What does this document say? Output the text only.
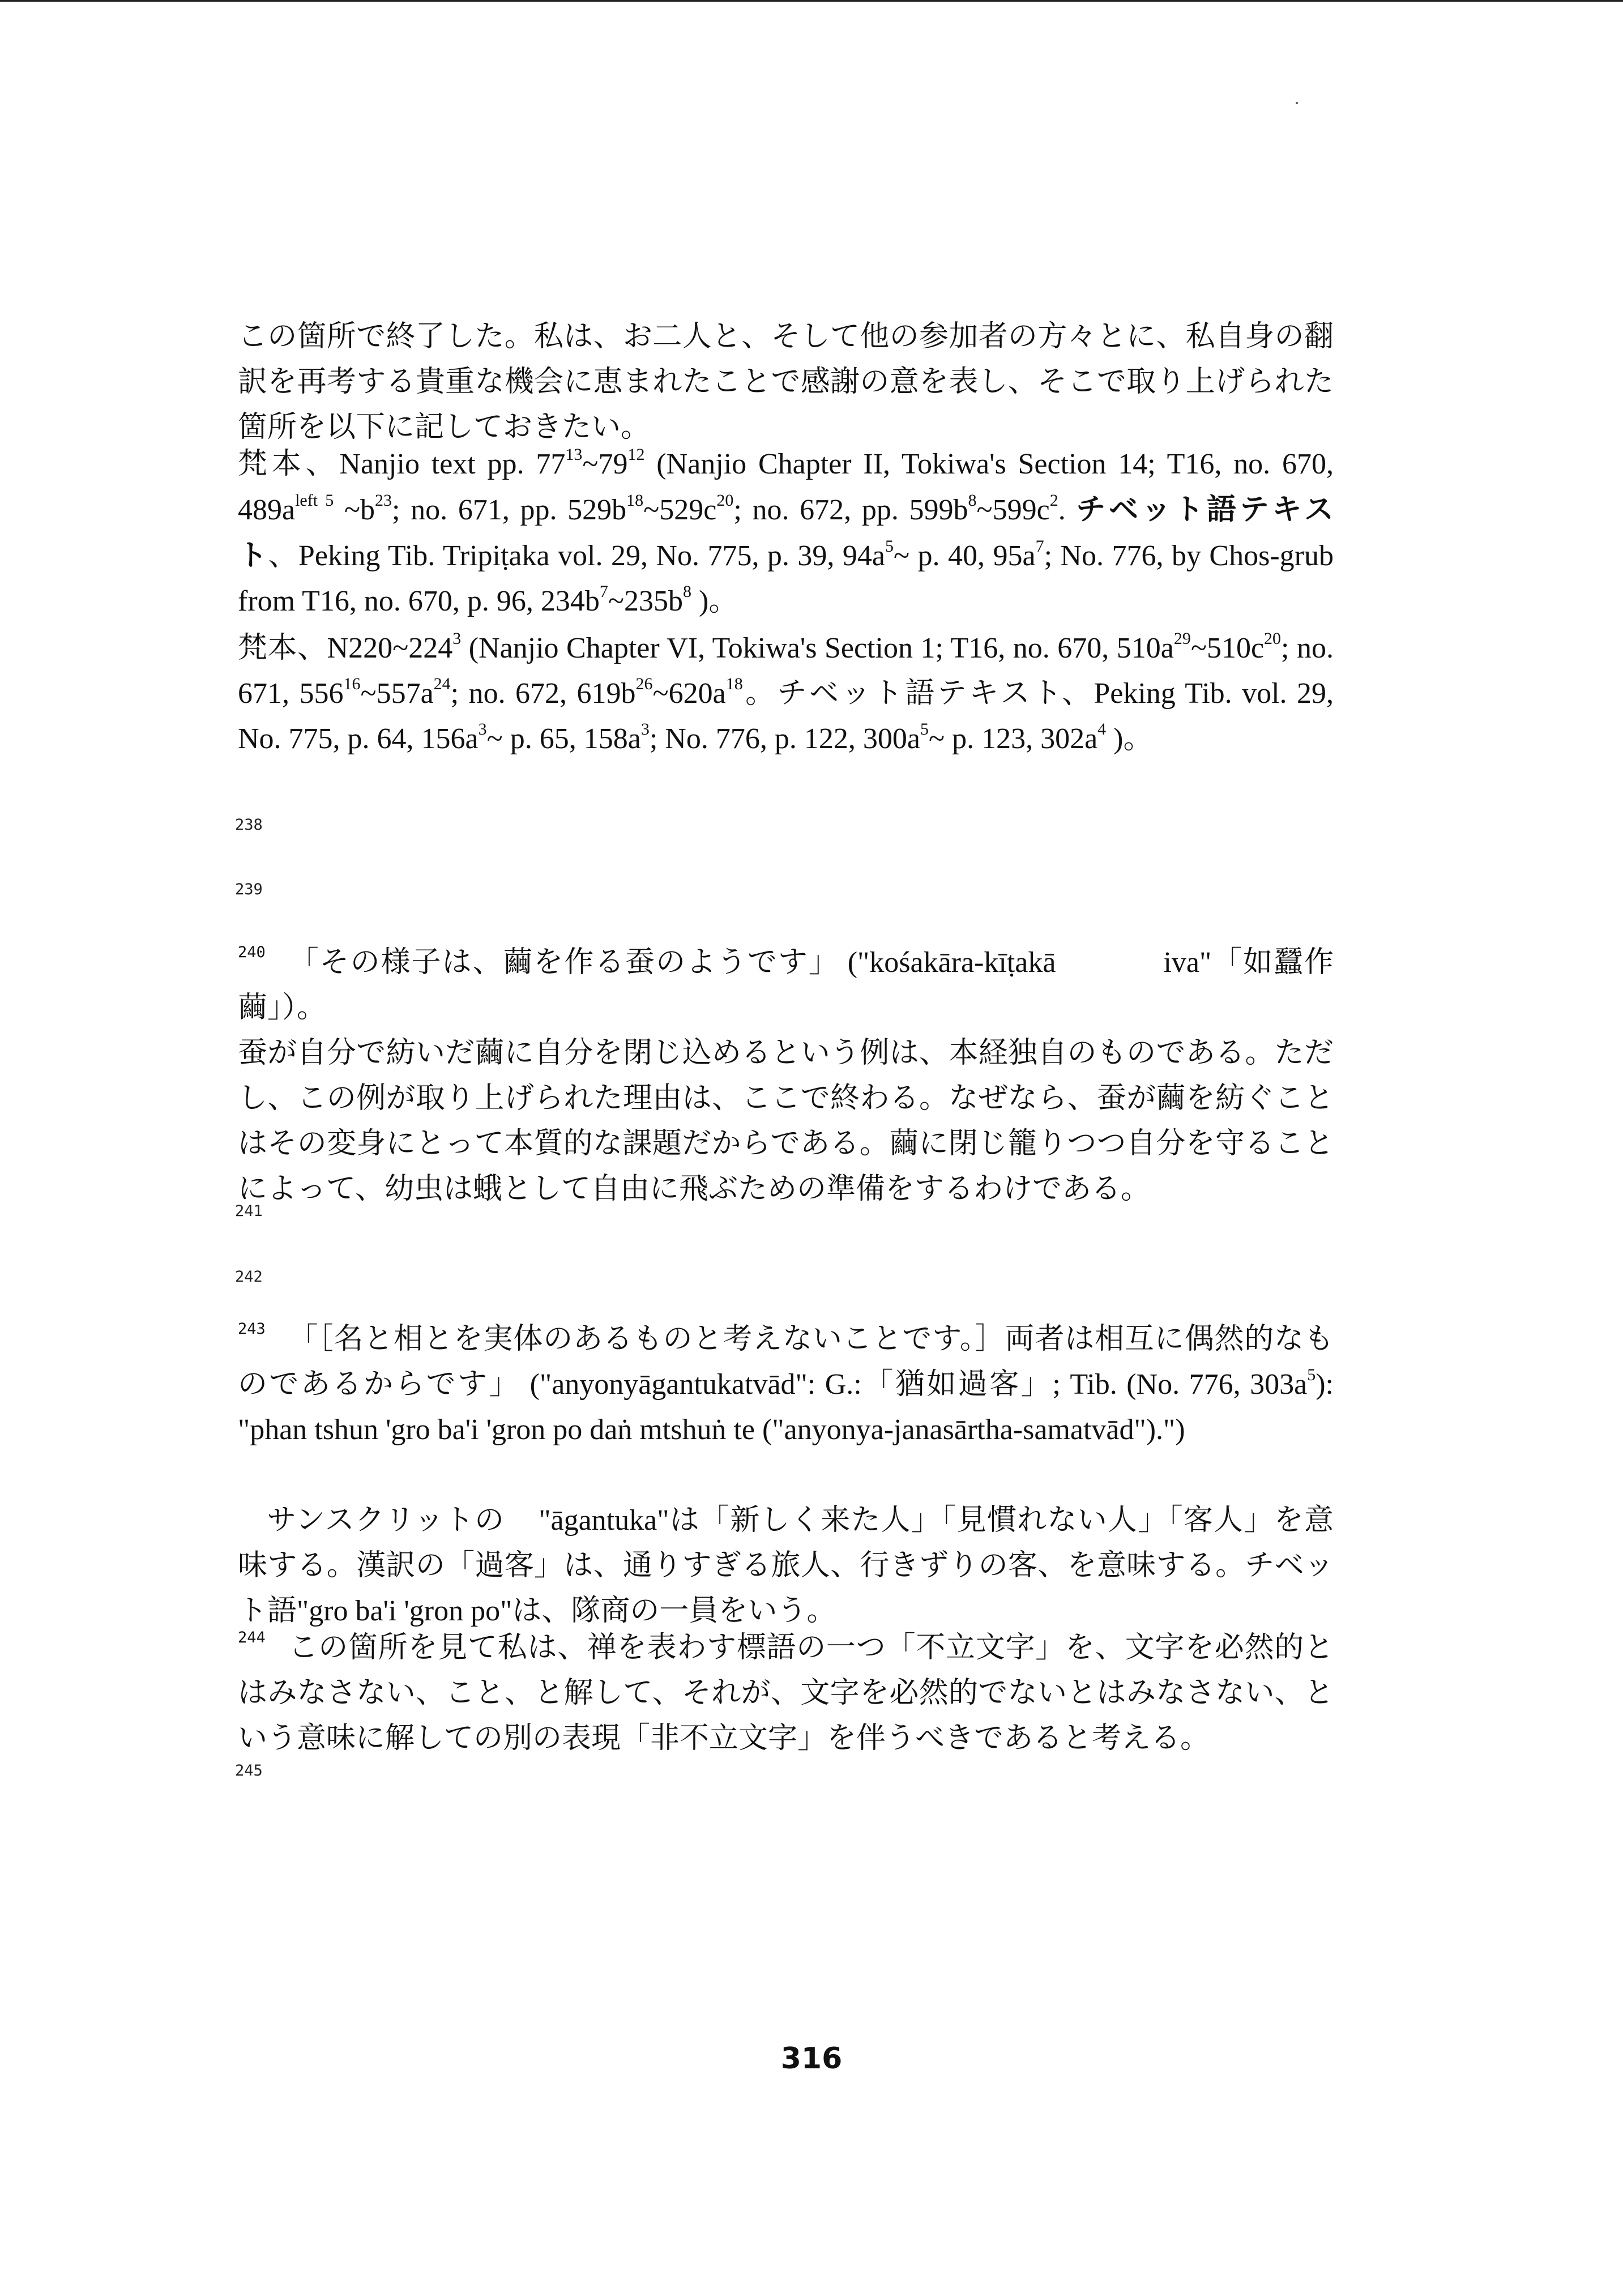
この箇所で終了した。私は、お二人と、そして他の参加者の方々とに、私自身の翻訳を再考する貴重な機会に恵まれたことで感謝の意を表し、そこで取り上げられた箇所を以下に記しておきたい。

梵本、Nanjio text pp. $77^{13}\sim 79^{12}$ (Nanjio Chapter II, Tokiwa's Section 14; T16, no. 670, $489a^{left 5}$ $\sim b^{23}$; no. 671, pp. $529b^{18}\sim 529c^{20}$; no. 672, pp. $599b^8\sim 599c^2$. チベット語テキスト、Peking Tib. Tripiṭaka vol. 29, No. 775, p. 39, $94a^5\sim$ p. 40, $95a^7$; No. 776, by Chos-grub from T16, no. 670, p. 96, $234b^7\sim 235b^8$ )。

梵本、$N220\sim 224^3$ (Nanjio Chapter VI, Tokiwa's Section 1; T16, no. 670, $510a^{29}\sim 510c^{20}$; no. 671, $556^{16}\sim 557a^{24}$; no. 672, $619b^{26}\sim 620a^{18}$。チベット語テキスト、Peking Tib. vol. 29, No. 775, p. 64, $156a^3\sim$ p. 65, $158a^3$; No. 776, p. 122, $300a^5\sim$ p. 123, $302a^4$ )。

238

239

$^{240}$ 「その様子は、繭を作る蚕のようです」 ("kośakāra-kīṭakā	iva"「如蠶作繭」）。

蚕が自分で紡いだ繭に自分を閉じ込めるという例は、本経独自のものである。ただし、この例が取り上げられた理由は、ここで終わる。なぜなら、蚕が繭を紡ぐことはその変身にとって本質的な課題だからである。繭に閉じ籠りつつ自分を守ることによって、幼虫は蛾として自由に飛ぶための準備をするわけである。

241

242

$^{243}$ 「［名と相とを実体のあるものと考えないことです。］両者は相互に偶然的なものであるからです」 ("anyonyāgantukatvād": G.:「猶如過客」; Tib. (No. 776, $303a^5$): "phan tshun 'gro ba'i 'gron po daṅ mtshuṅ te ("anyonya-janasārtha-samatvād").")

サンスクリットの "āgantuka"は「新しく来た人」「見慣れない人」「客人」を意味する。漢訳の「過客」は、通りすぎる旅人、行きずりの客、を意味する。チベット語"gro ba'i 'gron po"は、隊商の一員をいう。

$^{244}$ この箇所を見て私は、禅を表わす標語の一つ「不立文字」を、文字を必然的とはみなさない、こと、と解して、それが、文字を必然的でないとはみなさない、という意味に解しての別の表現「非不立文字」を伴うべきであると考える。

245

316
